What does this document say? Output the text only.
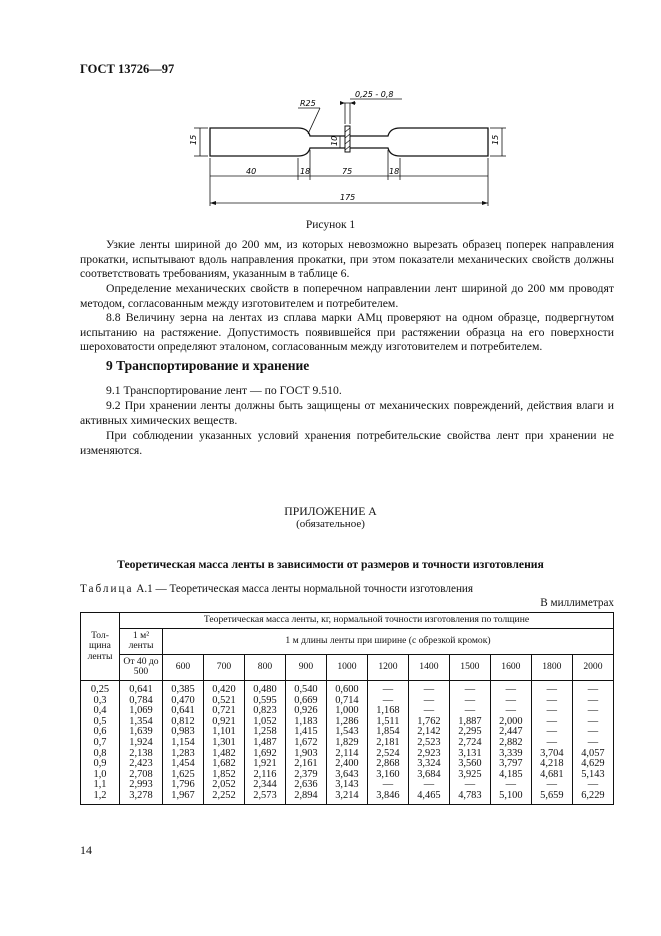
ГОСТ 13726—97
0,25 - 0,8
R25
15	15
10
40	18	75	18
175
Рисунок 1
Узкие ленты шириной до 200 мм, из которых невозможно вырезать образец поперек направления прокатки, испытывают вдоль направления прокатки, при этом показатели механических свойств должны соответствовать требованиям, указанным в таблице 6.
Определение механических свойств в поперечном направлении лент шириной до 200 мм проводят методом, согласованным между изготовителем и потребителем.
8.8 Величину зерна на лентах из сплава марки АМц проверяют на одном образце, подвергнутом испытанию на растяжение. Допустимость появившейся при растяжении образца на его поверхности шероховатости определяют эталоном, согласованным между изготовителем и потребителем.
9 Транспортирование и хранение
9.1 Транспортирование лент — по ГОСТ 9.510.
9.2 При хранении ленты должны быть защищены от механических повреждений, действия влаги и активных химических веществ.
При соблюдении указанных условий хранения потребительские свойства лент при хранении не изменяются.
ПРИЛОЖЕНИЕ А
(обязательное)
Теоретическая масса ленты в зависимости от размеров и точности изготовления
Таблица А.1 — Теоретическая масса ленты нормальной точности изготовления
В миллиметрах
Тол-щина ленты	Теоретическая масса ленты, кг, нормальной точности изготовления по толщине											
	1 м² ленты	1 м длины ленты при ширине (с обрезкой кромок)										
	От 40 до 500	600	700	800	900	1000	1200	1400	1500	1600	1800	2000
0,25	0,641	0,385	0,420	0,480	0,540	0,600	—	—	—	—	—	—
0,3	0,784	0,470	0,521	0,595	0,669	0,714	—	—	—	—	—	—
0,4	1,069	0,641	0,721	0,823	0,926	1,000	1,168	—	—	—	—	—
0,5	1,354	0,812	0,921	1,052	1,183	1,286	1,511	1,762	1,887	2,000	—	—
0,6	1,639	0,983	1,101	1,258	1,415	1,543	1,854	2,142	2,295	2,447	—	—
0,7	1,924	1,154	1,301	1,487	1,672	1,829	2,181	2,523	2,724	2,882	—	—
0,8	2,138	1,283	1,482	1,692	1,903	2,114	2,524	2,923	3,131	3,339	3,704	4,057
0,9	2,423	1,454	1,682	1,921	2,161	2,400	2,868	3,324	3,560	3,797	4,218	4,629
1,0	2,708	1,625	1,852	2,116	2,379	3,643	3,160	3,684	3,925	4,185	4,681	5,143
1,1	2,993	1,796	2,052	2,344	2,636	3,143	—	—	—	—	—	—
1,2	3,278	1,967	2,252	2,573	2,894	3,214	3,846	4,465	4,783	5,100	5,659	6,229
14
